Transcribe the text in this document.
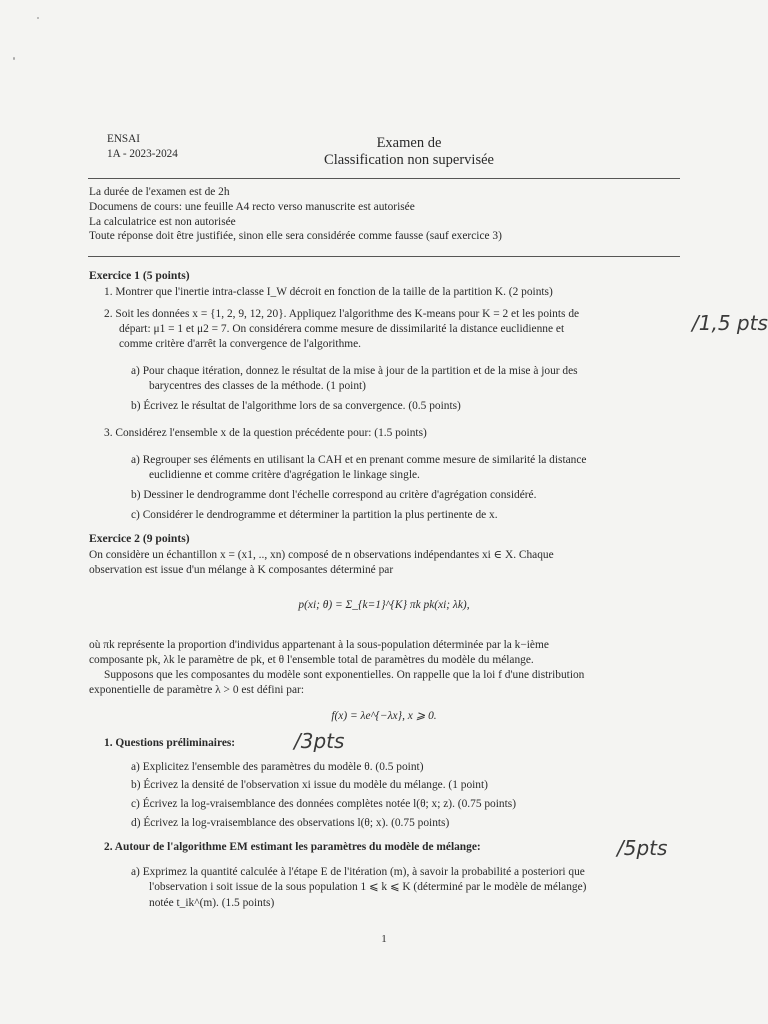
ENSAI
1A - 2023-2024
Examen de
Classification non supervisée
La durée de l'examen est de 2h
Documens de cours: une feuille A4 recto verso manuscrite est autorisée
La calculatrice est non autorisée
Toute réponse doit être justifiée, sinon elle sera considérée comme fausse (sauf exercice 3)
Exercice 1 (5 points)
1. Montrer que l'inertie intra-classe I_W décroit en fonction de la taille de la partition K. (2 points)
2. Soit les données x = {1, 2, 9, 12, 20}. Appliquez l'algorithme des K-means pour K = 2 et les points de
départ: μ1 = 1 et μ2 = 7. On considérera comme mesure de dissimilarité la distance euclidienne et
comme critère d'arrêt la convergence de l'algorithme.
/1,5 pts
a) Pour chaque itération, donnez le résultat de la mise à jour de la partition et de la mise à jour des
barycentres des classes de la méthode. (1 point)
b) Écrivez le résultat de l'algorithme lors de sa convergence. (0.5 points)
3. Considérez l'ensemble x de la question précédente pour: (1.5 points)
a) Regrouper ses éléments en utilisant la CAH et en prenant comme mesure de similarité la distance
euclidienne et comme critère d'agrégation le linkage single.
b) Dessiner le dendrogramme dont l'échelle correspond au critère d'agrégation considéré.
c) Considérer le dendrogramme et déterminer la partition la plus pertinente de x.
Exercice 2 (9 points)
On considère un échantillon x = (x1, .., xn) composé de n observations indépendantes xi ∈ X. Chaque
observation est issue d'un mélange à K composantes déterminé par
p(xi; θ) = Σ_{k=1}^{K} πk pk(xi; λk),
où πk représente la proportion d'individus appartenant à la sous-population déterminée par la k−ième
composante pk, λk le paramètre de pk, et θ l'ensemble total de paramètres du modèle du mélange.
Supposons que les composantes du modèle sont exponentielles. On rappelle que la loi f d'une distribution
exponentielle de paramètre λ > 0 est défini par:
f(x) = λe^{−λx}, x ⩾ 0.
1. Questions préliminaires:	/3pts
a) Explicitez l'ensemble des paramètres du modèle θ. (0.5 point)
b) Écrivez la densité de l'observation xi issue du modèle du mélange. (1 point)
c) Écrivez la log-vraisemblance des données complètes notée l(θ; x; z). (0.75 points)
d) Écrivez la log-vraisemblance des observations l(θ; x). (0.75 points)
2. Autour de l'algorithme EM estimant les paramètres du modèle de mélange:	/5pts
a) Exprimez la quantité calculée à l'étape E de l'itération (m), à savoir la probabilité a posteriori que
l'observation i soit issue de la sous population 1 ⩽ k ⩽ K (déterminé par le modèle de mélange)
notée t_ik^(m). (1.5 points)
1
